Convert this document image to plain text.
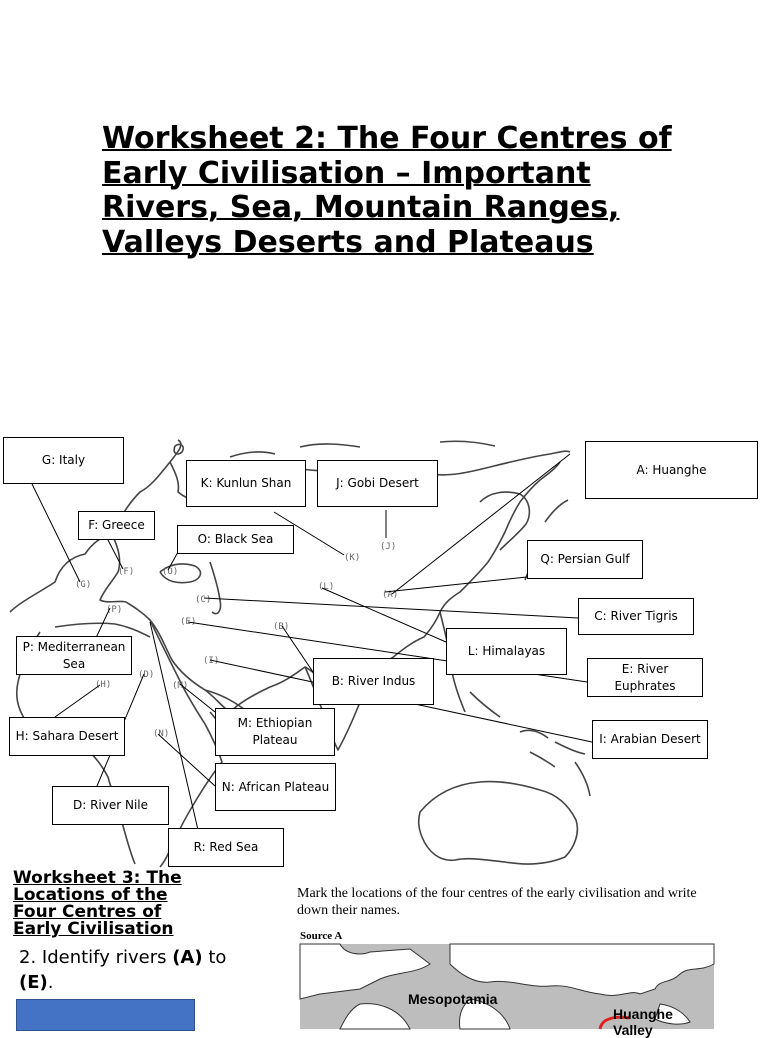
Worksheet 2: The Four Centres of Early Civilisation – Important Rivers, Sea, Mountain Ranges, Valleys Deserts and Plateaus
(K)
(J)
(F)
(G)
(O)
(P)
(C)
(L)
(A)
(E)	(B)
(I)
(H)
(D)
(M)
(N)
G: Italy
K: Kunlun Shan	J: Gobi Desert
A: Huanghe
F: Greece
O: Black Sea
Q: Persian Gulf
C: River Tigris
P: Mediterranean Sea
L: Himalayas
E: River Euphrates
B: River Indus
M: Ethiopian Plateau
H: Sahara Desert	I: Arabian Desert
N: African Plateau
D: River Nile
R: Red Sea
Worksheet 3: The Locations of the Four Centres of Early Civilisation
2. Identify rivers (A) to
(E).
Mark the locations of the four centres of the early civilisation and write down their names.
Source A
Mesopotamia
Huanghe Valley
